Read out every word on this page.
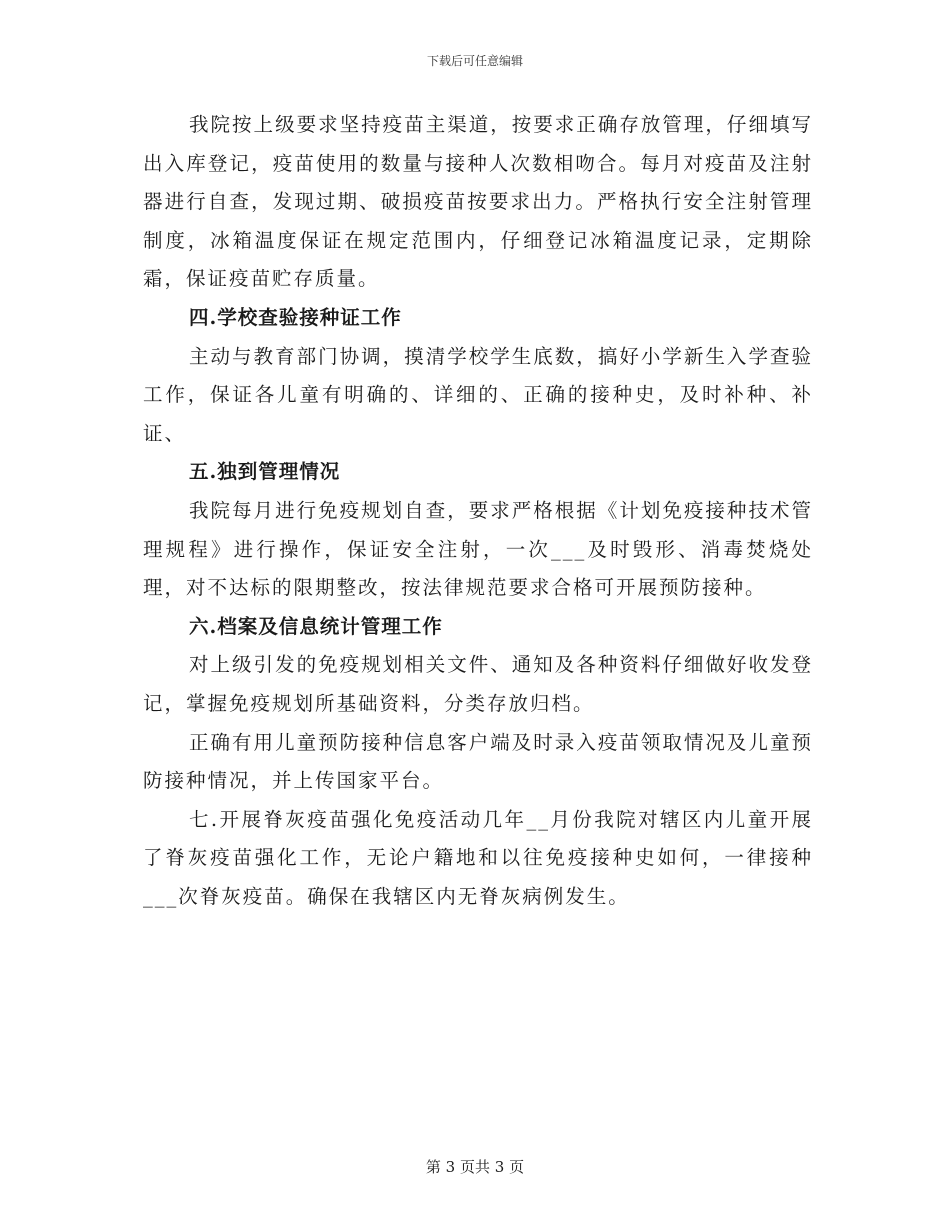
下载后可任意编辑

我院按上级要求坚持疫苗主渠道，按要求正确存放管理，仔细填写出入库登记，疫苗使用的数量与接种人次数相吻合。每月对疫苗及注射器进行自查，发现过期、破损疫苗按要求出力。严格执行安全注射管理制度，冰箱温度保证在规定范围内，仔细登记冰箱温度记录，定期除霜，保证疫苗贮存质量。

四.学校查验接种证工作

主动与教育部门协调，摸清学校学生底数，搞好小学新生入学查验工作，保证各儿童有明确的、详细的、正确的接种史，及时补种、补证、

五.独到管理情况

我院每月进行免疫规划自查，要求严格根据《计划免疫接种技术管理规程》进行操作，保证安全注射，一次___及时毁形、消毒焚烧处理，对不达标的限期整改，按法律规范要求合格可开展预防接种。

六.档案及信息统计管理工作

对上级引发的免疫规划相关文件、通知及各种资料仔细做好收发登记，掌握免疫规划所基础资料，分类存放归档。

正确有用儿童预防接种信息客户端及时录入疫苗领取情况及儿童预防接种情况，并上传国家平台。

七.开展脊灰疫苗强化免疫活动几年__月份我院对辖区内儿童开展了脊灰疫苗强化工作，无论户籍地和以往免疫接种史如何，一律接种___次脊灰疫苗。确保在我辖区内无脊灰病例发生。

第 3 页共 3 页
